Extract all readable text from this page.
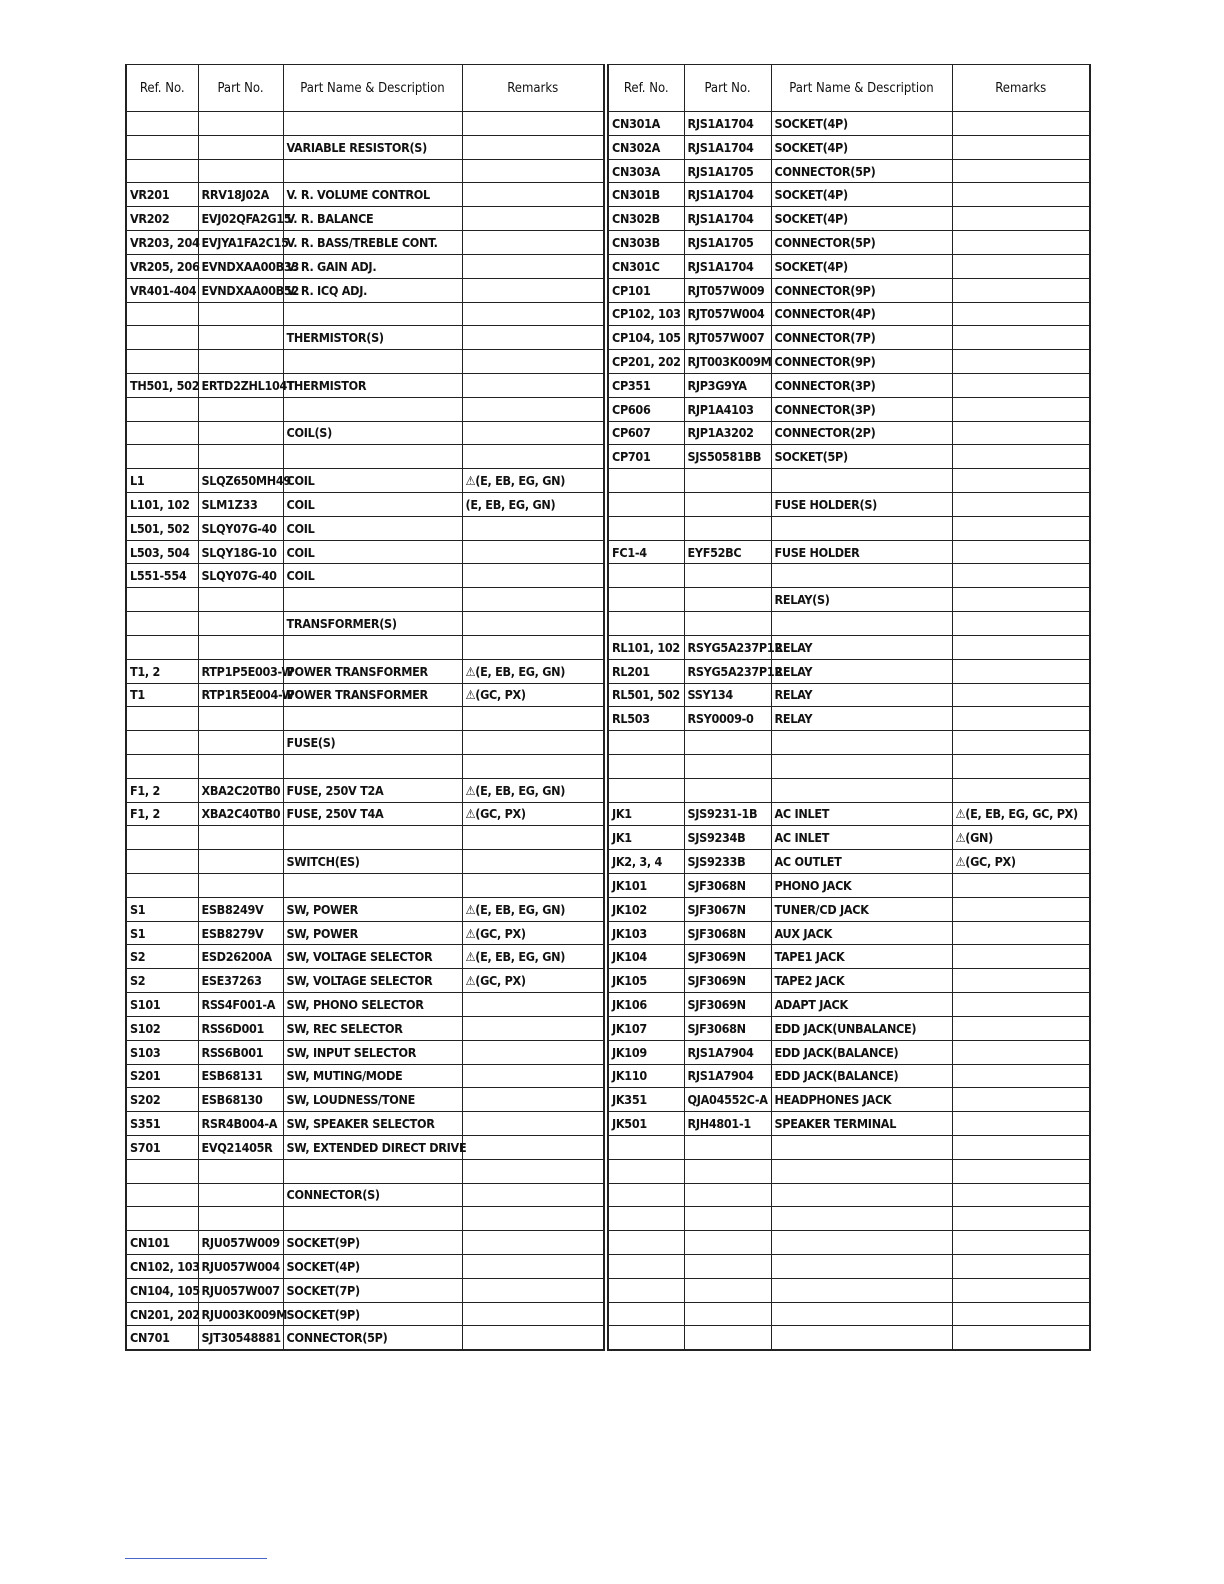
Ref. No.	Part No.	Part Name & Description	Remarks

		VARIABLE RESISTOR(S)	

VR201	RRV18J02A	V. R. VOLUME CONTROL	
VR202	EVJ02QFA2G15	V. R. BALANCE	
VR203, 204	EVJYA1FA2C15	V. R. BASS/TREBLE CONT.	
VR205, 206	EVNDXAA00B33	V. R. GAIN ADJ.	
VR401-404	EVNDXAA00B52	V. R. ICQ ADJ.	

		THERMISTOR(S)	

TH501, 502	ERTD2ZHL104T	THERMISTOR	

		COIL(S)	

L1	SLQZ650MH49	COIL	⚠(E, EB, EG, GN)
L101, 102	SLM1Z33	COIL	(E, EB, EG, GN)
L501, 502	SLQY07G-40	COIL	
L503, 504	SLQY18G-10	COIL	
L551-554	SLQY07G-40	COIL	

		TRANSFORMER(S)	

T1, 2	RTP1P5E003-W	POWER TRANSFORMER	⚠(E, EB, EG, GN)
T1	RTP1R5E004-W	POWER TRANSFORMER	⚠(GC, PX)

		FUSE(S)	

F1, 2	XBA2C20TB0	FUSE, 250V T2A	⚠(E, EB, EG, GN)
F1, 2	XBA2C40TB0	FUSE, 250V T4A	⚠(GC, PX)

		SWITCH(ES)	

S1	ESB8249V	SW, POWER	⚠(E, EB, EG, GN)
S1	ESB8279V	SW, POWER	⚠(GC, PX)
S2	ESD26200A	SW, VOLTAGE SELECTOR	⚠(E, EB, EG, GN)
S2	ESE37263	SW, VOLTAGE SELECTOR	⚠(GC, PX)
S101	RSS4F001-A	SW, PHONO SELECTOR	
S102	RSS6D001	SW, REC SELECTOR	
S103	RSS6B001	SW, INPUT SELECTOR	
S201	ESB68131	SW, MUTING/MODE	
S202	ESB68130	SW, LOUDNESS/TONE	
S351	RSR4B004-A	SW, SPEAKER SELECTOR	
S701	EVQ21405R	SW, EXTENDED DIRECT DRIVE	

		CONNECTOR(S)	

CN101	RJU057W009	SOCKET(9P)	
CN102, 103	RJU057W004	SOCKET(4P)	
CN104, 105	RJU057W007	SOCKET(7P)	
CN201, 202	RJU003K009M	SOCKET(9P)	
CN701	SJT30548881	CONNECTOR(5P)	
Ref. No.	Part No.	Part Name & Description	Remarks
CN301A	RJS1A1704	SOCKET(4P)	
CN302A	RJS1A1704	SOCKET(4P)	
CN303A	RJS1A1705	CONNECTOR(5P)	
CN301B	RJS1A1704	SOCKET(4P)	
CN302B	RJS1A1704	SOCKET(4P)	
CN303B	RJS1A1705	CONNECTOR(5P)	
CN301C	RJS1A1704	SOCKET(4P)	
CP101	RJT057W009	CONNECTOR(9P)	
CP102, 103	RJT057W004	CONNECTOR(4P)	
CP104, 105	RJT057W007	CONNECTOR(7P)	
CP201, 202	RJT003K009M	CONNECTOR(9P)	
CP351	RJP3G9YA	CONNECTOR(3P)	
CP606	RJP1A4103	CONNECTOR(3P)	
CP607	RJP1A3202	CONNECTOR(2P)	
CP701	SJS50581BB	SOCKET(5P)	

		FUSE HOLDER(S)	

FC1-4	EYF52BC	FUSE HOLDER	

		RELAY(S)	

RL101, 102	RSYG5A237P12	RELAY	
RL201	RSYG5A237P12	RELAY	
RL501, 502	SSY134	RELAY	
RL503	RSY0009-0	RELAY	

JK1	SJS9231-1B	AC INLET	⚠(E, EB, EG, GC, PX)
JK1	SJS9234B	AC INLET	⚠(GN)
JK2, 3, 4	SJS9233B	AC OUTLET	⚠(GC, PX)
JK101	SJF3068N	PHONO JACK	
JK102	SJF3067N	TUNER/CD JACK	
JK103	SJF3068N	AUX JACK	
JK104	SJF3069N	TAPE1 JACK	
JK105	SJF3069N	TAPE2 JACK	
JK106	SJF3069N	ADAPT JACK	
JK107	SJF3068N	EDD JACK(UNBALANCE)	
JK109	RJS1A7904	EDD JACK(BALANCE)	
JK110	RJS1A7904	EDD JACK(BALANCE)	
JK351	QJA04552C-A	HEADPHONES JACK	
JK501	RJH4801-1	SPEAKER TERMINAL	
